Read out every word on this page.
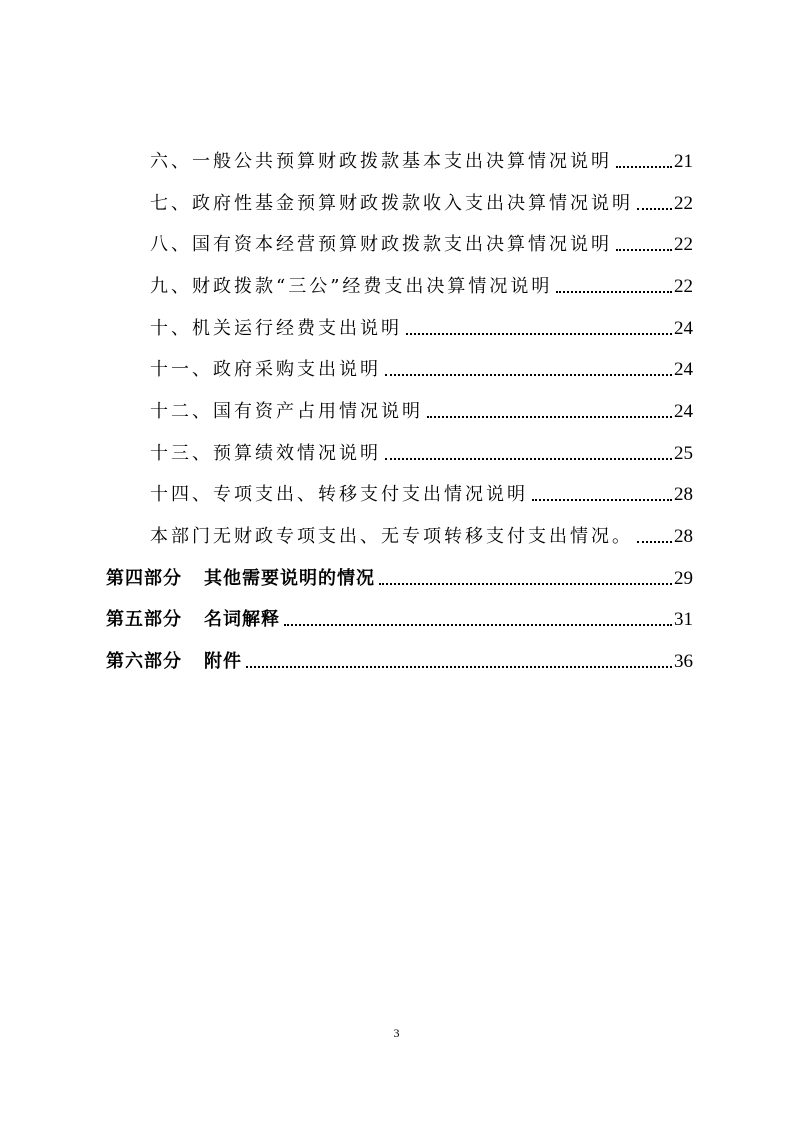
六、一般公共预算财政拨款基本支出决算情况说明	21
七、政府性基金预算财政拨款收入支出决算情况说明 22
八、国有资本经营预算财政拨款支出决算情况说明	22
九、财政拨款“三公”经费支出决算情况说明	22
十、机关运行经费支出说明	24
十一、政府采购支出说明	24
十二、国有资产占用情况说明	24
十三、预算绩效情况说明	25
十四、专项支出、转移支付支出情况说明	28
本部门无财政专项支出、无专项转移支付支出情况。 28
第四部分 其他需要说明的情况	29
第五部分 名词解释	31
第六部分 附件	36
3
